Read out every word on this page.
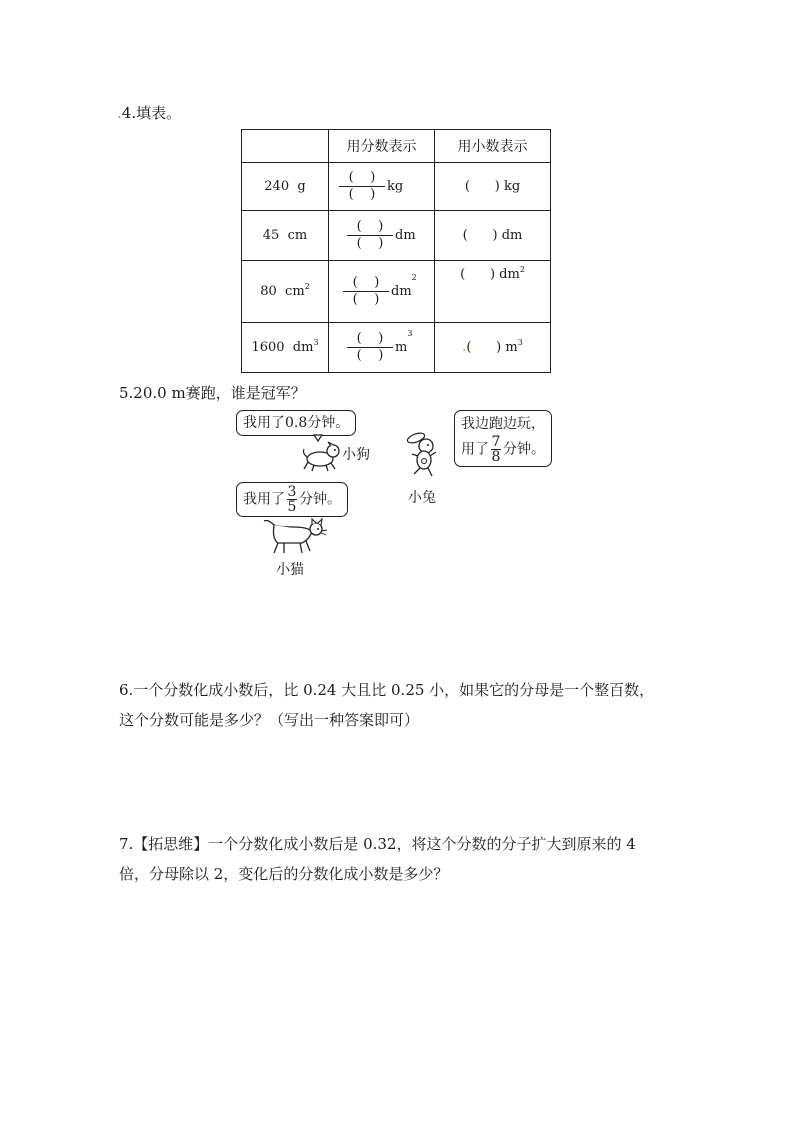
.4.填表。
	用分数表示	用小数表示
240 g	$\frac{( )}{( )}$ kg	(      ) kg
45 cm	$\frac{( )}{( )}$ dm	(      ) dm
80 $cm^2$	$\frac{( )}{( )} dm^2$	(      ) $dm^2$
1600 $dm^3$	$\frac{( )}{( )} m^3$	.(      ) $m^3$
5.20.0 m赛跑，谁是冠军？
我用了0.8分钟。
小狗
我边跑边玩，
用了 $\frac{7}{8}$ 分钟。
小兔
我用了 $\frac{3}{5}$ 分钟。
小猫
6.一个分数化成小数后，比 0.24 大且比 0.25 小，如果它的分母是一个整百数，
这个分数可能是多少？（写出一种答案即可）
7.【拓思维】一个分数化成小数后是 0.32，将这个分数的分子扩大到原来的 4
倍，分母除以 2，变化后的分数化成小数是多少？
